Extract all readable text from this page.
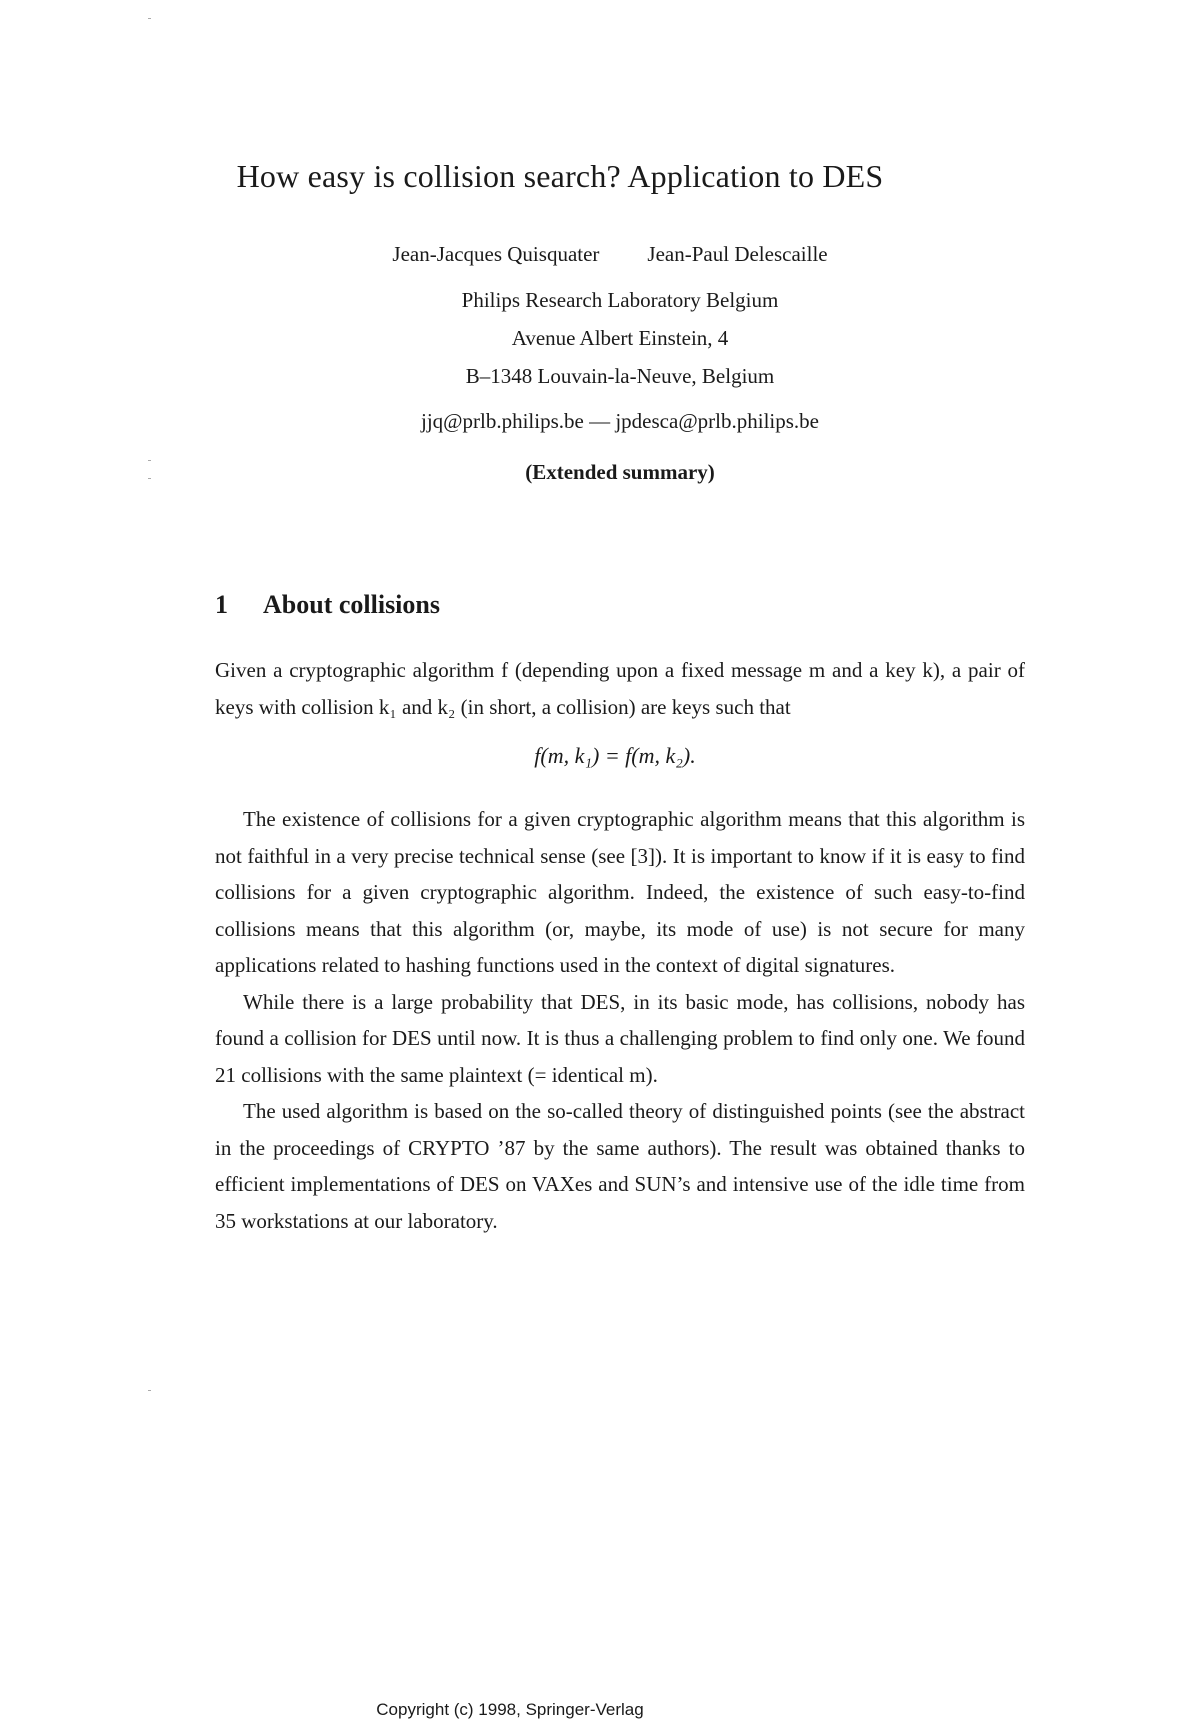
How easy is collision search? Application to DES
Jean-Jacques Quisquater Jean-Paul Delescaille
Philips Research Laboratory Belgium
Avenue Albert Einstein, 4
B–1348 Louvain-la-Neuve, Belgium
jjq@prlb.philips.be — jpdesca@prlb.philips.be
(Extended summary)
1 About collisions

Given a cryptographic algorithm f (depending upon a fixed message m and a key k), a pair of keys with collision k₁ and k₂ (in short, a collision) are keys such that

f(m, k₁) = f(m, k₂).

The existence of collisions for a given cryptographic algorithm means that this algorithm is not faithful in a very precise technical sense (see [3]). It is important to know if it is easy to find collisions for a given cryptographic algorithm. Indeed, the existence of such easy-to-find collisions means that this algorithm (or, maybe, its mode of use) is not secure for many applications related to hashing functions used in the context of digital signatures.

While there is a large probability that DES, in its basic mode, has collisions, nobody has found a collision for DES until now. It is thus a challenging problem to find only one. We found 21 collisions with the same plaintext (= identical m).

The used algorithm is based on the so-called theory of distinguished points (see the abstract in the proceedings of CRYPTO ’87 by the same authors). The result was obtained thanks to efficient implementations of DES on VAXes and SUN’s and intensive use of the idle time from 35 workstations at our laboratory.

Copyright (c) 1998, Springer-Verlag
